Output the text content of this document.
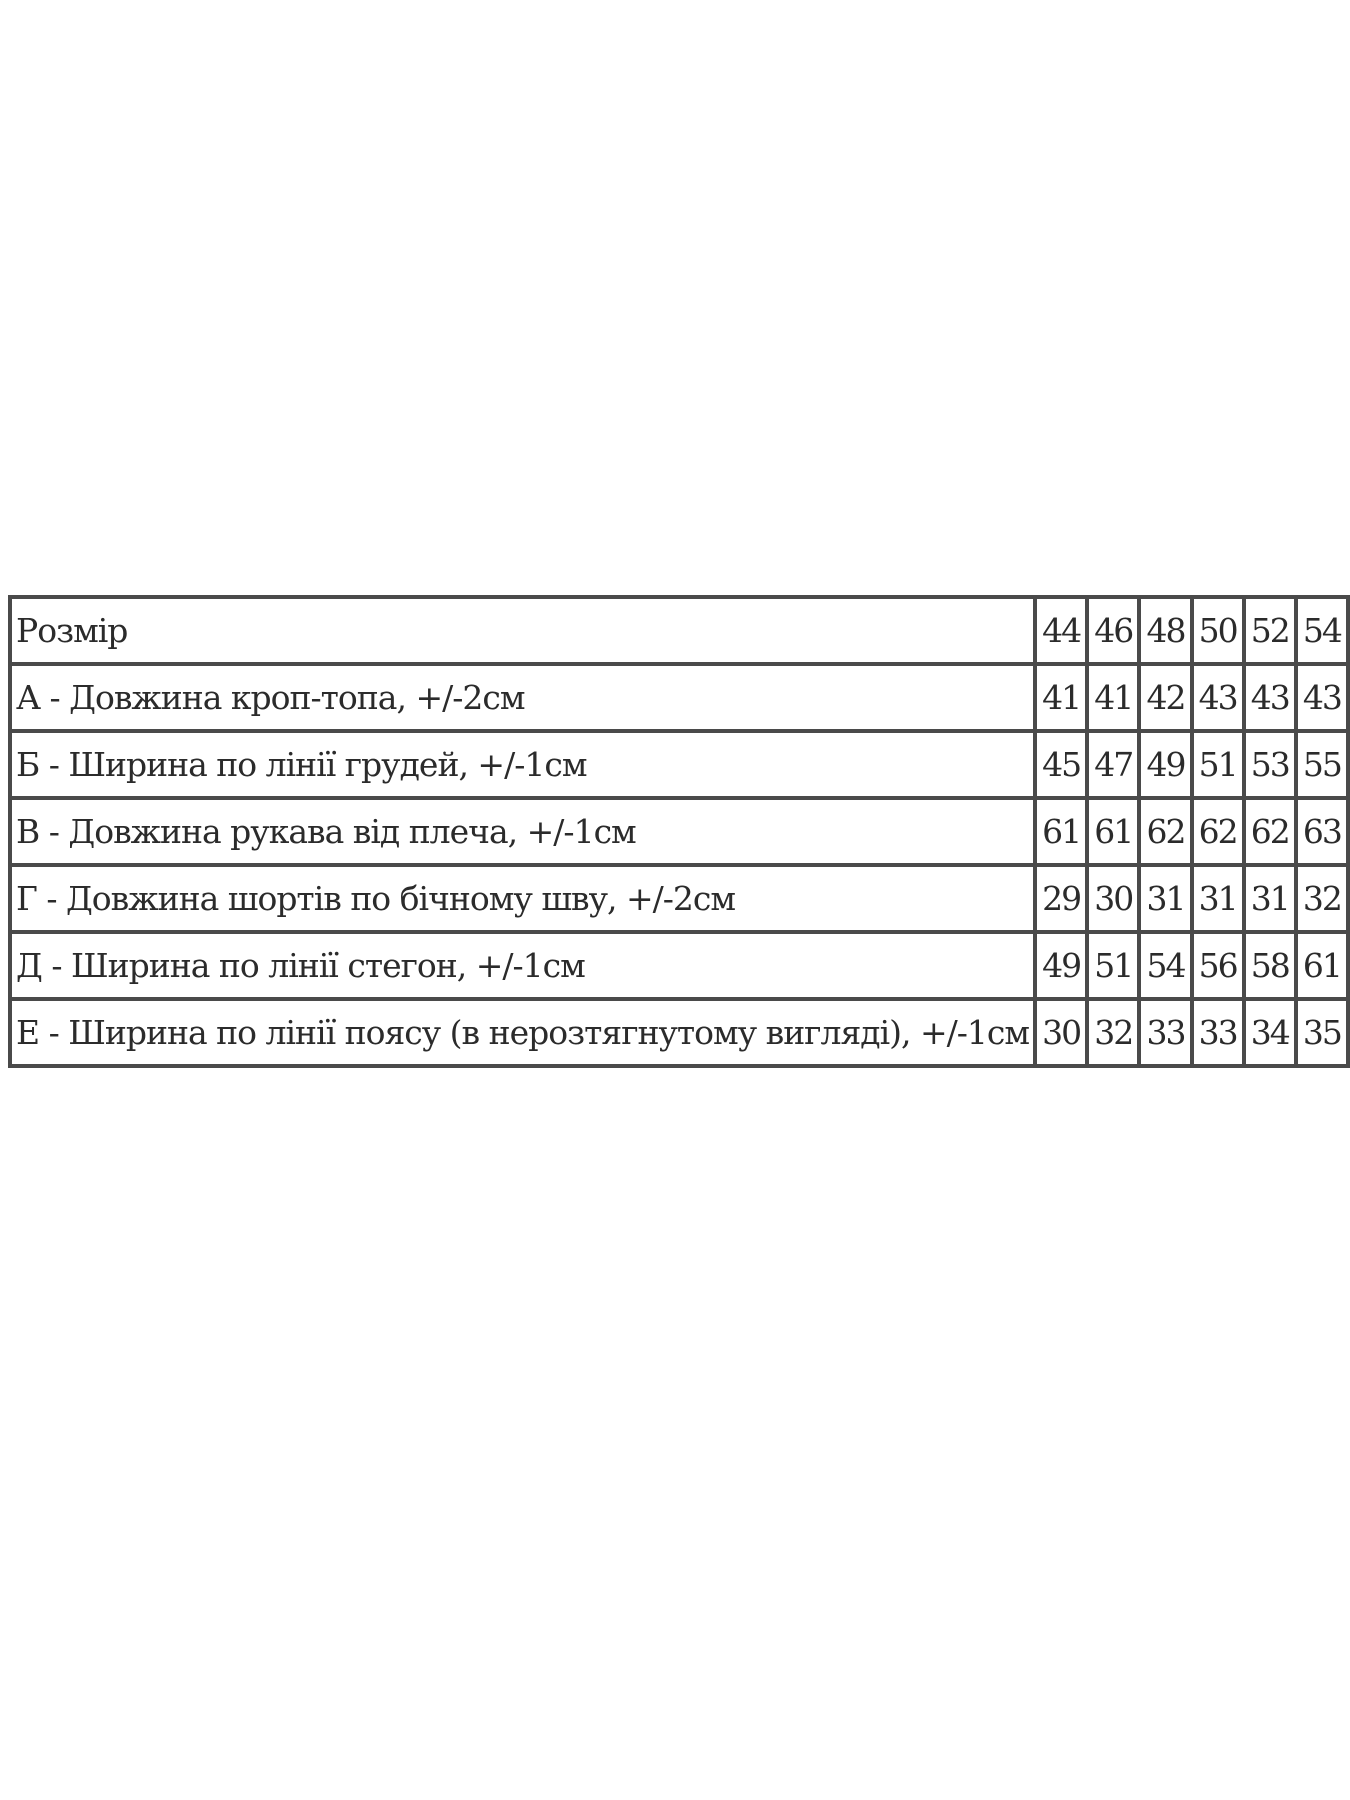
Розмір	44	46	48	50	52	54
А - Довжина кроп-топа, +/-2см	41	41	42	43	43	43
Б - Ширина по лінії грудей, +/-1см	45	47	49	51	53	55
В - Довжина рукава від плеча, +/-1см	61	61	62	62	62	63
Г - Довжина шортів по бічному шву, +/-2см	29	30	31	31	31	32
Д - Ширина по лінії стегон, +/-1см	49	51	54	56	58	61
Е - Ширина по лінії поясу (в нерозтягнутому вигляді), +/-1см	30	32	33	33	34	35
